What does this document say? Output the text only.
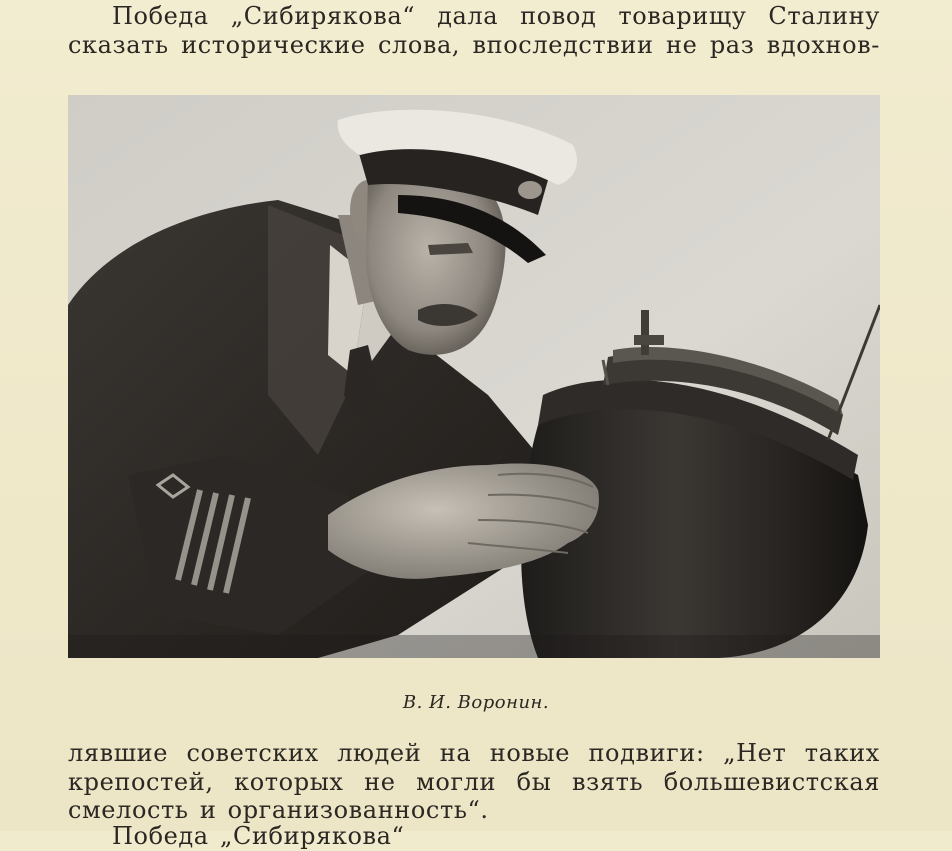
Победа „Сибирякова“ дала повод товарищу Сталину
сказать исторические слова, впоследствии не раз вдохнов-
В. И. Воронин.
лявшие советских людей на новые подвиги: „Нет таких
крепостей, которых не могли бы взять большевистская
смелость и организованность“.
Победа „Сибирякова“
